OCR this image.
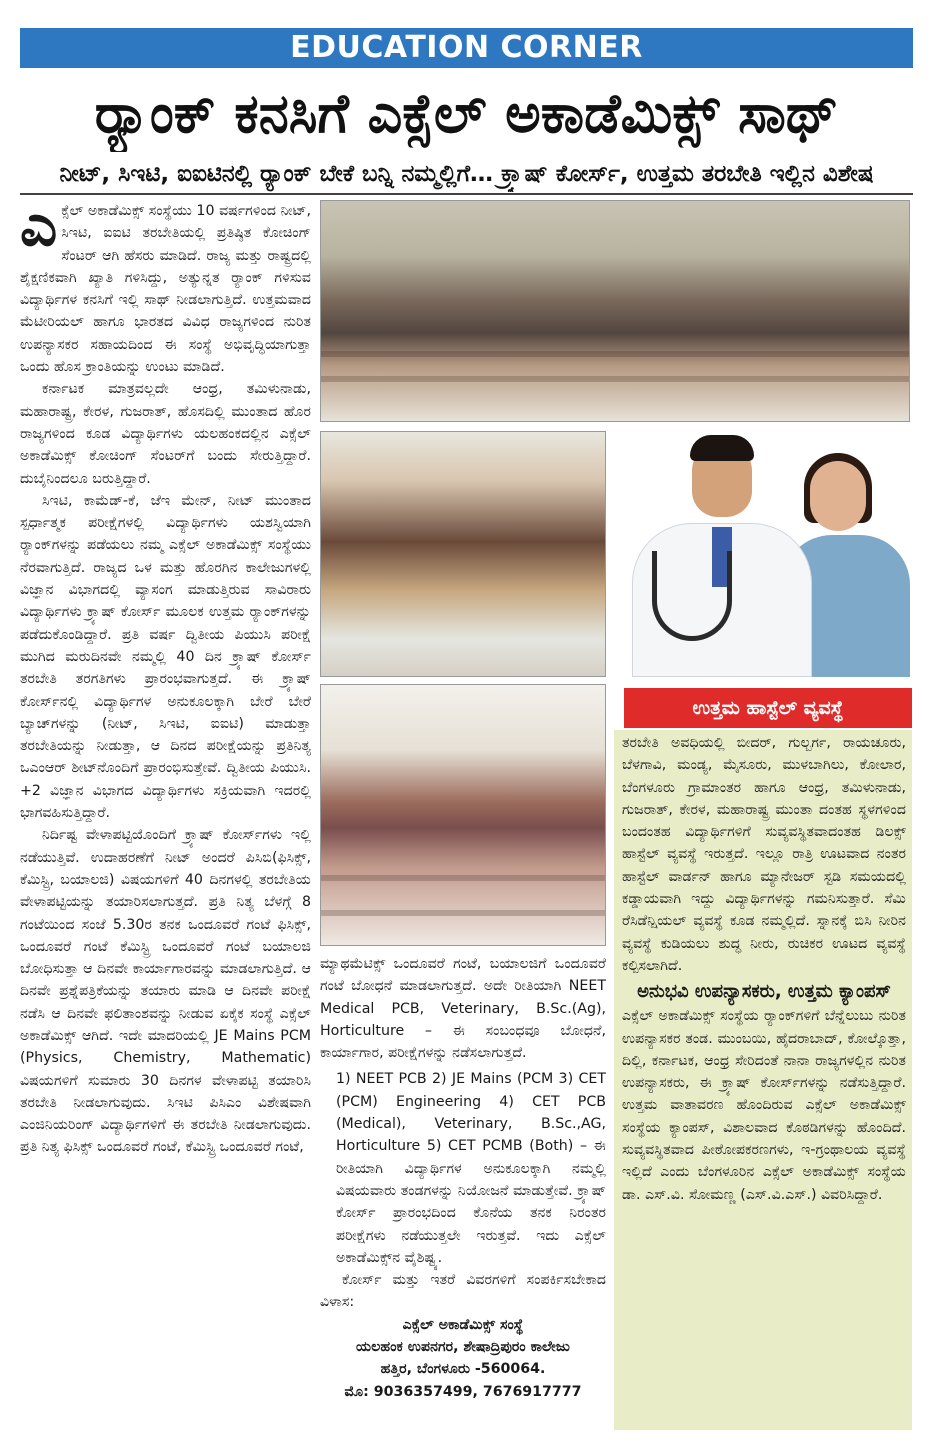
EDUCATION CORNER
ರ್‍ಯಾಂಕ್ ಕನಸಿಗೆ ಎಕ್ಸೆಲ್ ಅಕಾಡೆಮಿಕ್ಸ್ ಸಾಥ್
ನೀಟ್, ಸಿಇಟಿ, ಐಐಟಿನಲ್ಲಿ ರ್‍ಯಾಂಕ್ ಬೇಕೆ ಬನ್ನಿ ನಮ್ಮಲ್ಲಿಗೆ… ಕ್ರ್ಯಾಷ್ ಕೋರ್ಸ್, ಉತ್ತಮ ತರಬೇತಿ ಇಲ್ಲಿನ ವಿಶೇಷ

ಎಕ್ಸೆಲ್ ಅಕಾಡೆಮಿಕ್ಸ್ ಸಂಸ್ಥೆಯು 10 ವರ್ಷಗಳಿಂದ ನೀಟ್, ಸಿಇಟಿ, ಐಐಟಿ ತರಬೇತಿಯಲ್ಲಿ ಪ್ರತಿಷ್ಠಿತ ಕೋಚಿಂಗ್ ಸೆಂಟರ್ ಆಗಿ ಹೆಸರು ಮಾಡಿದೆ. ರಾಜ್ಯ ಮತ್ತು ರಾಷ್ಟ್ರದಲ್ಲಿ ಶೈಕ್ಷಣಿಕವಾಗಿ ಖ್ಯಾತಿ ಗಳಿಸಿದ್ದು, ಅತ್ಯುನ್ನತ ರ್‍ಯಾಂಕ್ ಗಳಿಸುವ ವಿದ್ಯಾರ್ಥಿಗಳ ಕನಸಿಗೆ ಇಲ್ಲಿ ಸಾಥ್ ನೀಡಲಾಗುತ್ತಿದೆ. ಉತ್ತಮವಾದ ಮೆಟೀರಿಯಲ್ ಹಾಗೂ ಭಾರತದ ವಿವಿಧ ರಾಜ್ಯಗಳಿಂದ ನುರಿತ ಉಪನ್ಯಾಸಕರ ಸಹಾಯದಿಂದ ಈ ಸಂಸ್ಥೆ ಅಭಿವೃದ್ಧಿಯಾಗುತ್ತಾ ಒಂದು ಹೊಸ ಕ್ರಾಂತಿಯನ್ನು ಉಂಟು ಮಾಡಿದೆ.

ಕರ್ನಾಟಕ ಮಾತ್ರವಲ್ಲದೇ ಆಂಧ್ರ, ತಮಿಳುನಾಡು, ಮಹಾರಾಷ್ಟ್ರ, ಕೇರಳ, ಗುಜರಾತ್, ಹೊಸದಿಲ್ಲಿ ಮುಂತಾದ ಹೊರ ರಾಜ್ಯಗಳಿಂದ ಕೂಡ ವಿದ್ಯಾರ್ಥಿಗಳು ಯಲಹಂಕದಲ್ಲಿನ ಎಕ್ಸೆಲ್ ಅಕಾಡೆಮಿಕ್ಸ್ ಕೋಚಿಂಗ್ ಸೆಂಟರ್‌ಗೆ ಬಂದು ಸೇರುತ್ತಿದ್ದಾರೆ. ದುಬೈನಿಂದಲೂ ಬರುತ್ತಿದ್ದಾರೆ.

ಸಿಇಟಿ, ಕಾಮೆಡ್-ಕೆ, ಜೆಇ ಮೇನ್, ನೀಟ್ ಮುಂತಾದ ಸ್ಪರ್ಧಾತ್ಮಕ ಪರೀಕ್ಷೆಗಳಲ್ಲಿ ವಿದ್ಯಾರ್ಥಿಗಳು ಯಶಸ್ವಿಯಾಗಿ ರ್‍ಯಾಂಕ್‌ಗಳನ್ನು ಪಡೆಯಲು ನಮ್ಮ ಎಕ್ಸೆಲ್ ಅಕಾಡೆಮಿಕ್ಸ್ ಸಂಸ್ಥೆಯು ನೆರವಾಗುತ್ತಿದೆ. ರಾಜ್ಯದ ಒಳ ಮತ್ತು ಹೊರಗಿನ ಕಾಲೇಜುಗಳಲ್ಲಿ ವಿಜ್ಞಾನ ವಿಭಾಗದಲ್ಲಿ ವ್ಯಾಸಂಗ ಮಾಡುತ್ತಿರುವ ಸಾವಿರಾರು ವಿದ್ಯಾರ್ಥಿಗಳು ಕ್ರ್ಯಾಷ್ ಕೋರ್ಸ್ ಮೂಲಕ ಉತ್ತಮ ರ್‍ಯಾಂಕ್‌ಗಳನ್ನು ಪಡೆದುಕೊಂಡಿದ್ದಾರೆ. ಪ್ರತಿ ವರ್ಷ ದ್ವಿತೀಯ ಪಿಯುಸಿ ಪರೀಕ್ಷೆ ಮುಗಿದ ಮರುದಿನವೇ ನಮ್ಮಲ್ಲಿ 40 ದಿನ ಕ್ರ್ಯಾಷ್ ಕೋರ್ಸ್ ತರಬೇತಿ ತರಗತಿಗಳು ಪ್ರಾರಂಭವಾಗುತ್ತದೆ. ಈ ಕ್ರ್ಯಾಷ್ ಕೋರ್ಸ್‌ನಲ್ಲಿ ವಿದ್ಯಾರ್ಥಿಗಳ ಅನುಕೂಲಕ್ಕಾಗಿ ಬೇರೆ ಬೇರೆ ಬ್ಯಾಚ್‌ಗಳನ್ನು (ನೀಟ್, ಸಿಇಟಿ, ಐಐಟಿ) ಮಾಡುತ್ತಾ ತರಬೇತಿಯನ್ನು ನೀಡುತ್ತಾ, ಆ ದಿನದ ಪರೀಕ್ಷೆಯನ್ನು ಪ್ರತಿನಿತ್ಯ ಒಎಂಆರ್ ಶೀಟ್‌ನೊಂದಿಗೆ ಪ್ರಾರಂಭಿಸುತ್ತೇವೆ. ದ್ವಿತೀಯ ಪಿಯುಸಿ. +2 ವಿಜ್ಞಾನ ವಿಭಾಗದ ವಿದ್ಯಾರ್ಥಿಗಳು ಸಕ್ರಿಯವಾಗಿ ಇದರಲ್ಲಿ ಭಾಗವಹಿಸುತ್ತಿದ್ದಾರೆ.

ನಿರ್ದಿಷ್ಟ ವೇಳಾಪಟ್ಟಿಯೊಂದಿಗೆ ಕ್ರ್ಯಾಷ್ ಕೋರ್ಸ್‌ಗಳು ಇಲ್ಲಿ ನಡೆಯುತ್ತಿವೆ. ಉದಾಹರಣೆಗೆ ನೀಟ್ ಅಂದರೆ ಪಿಸಿಬಿ(ಫಿಸಿಕ್ಸ್, ಕೆಮಿಸ್ಟ್ರಿ, ಬಯಾಲಜಿ) ವಿಷಯಗಳಿಗೆ 40 ದಿನಗಳಲ್ಲಿ ತರಬೇತಿಯ ವೇಳಾಪಟ್ಟಿಯನ್ನು ತಯಾರಿಸಲಾಗುತ್ತದೆ. ಪ್ರತಿ ನಿತ್ಯ ಬೆಳಗ್ಗೆ 8 ಗಂಟೆಯಿಂದ ಸಂಜೆ 5.30ರ ತನಕ ಒಂದೂವರೆ ಗಂಟೆ ಫಿಸಿಕ್ಸ್, ಒಂದೂವರೆ ಗಂಟೆ ಕೆಮಿಸ್ಟ್ರಿ ಒಂದೂವರೆ ಗಂಟೆ ಬಯಾಲಜಿ ಬೋಧಿಸುತ್ತಾ ಆ ದಿನವೇ ಕಾರ್ಯಾಗಾರವನ್ನು ಮಾಡಲಾಗುತ್ತಿದೆ. ಆ ದಿನವೇ ಪ್ರಶ್ನೆಪತ್ರಿಕೆಯನ್ನು ತಯಾರು ಮಾಡಿ ಆ ದಿನವೇ ಪರೀಕ್ಷೆ ನಡೆಸಿ ಆ ದಿನವೇ ಫಲಿತಾಂಶವನ್ನು ನೀಡುವ ಏಕೈಕ ಸಂಸ್ಥೆ ಎಕ್ಸೆಲ್ ಅಕಾಡೆಮಿಕ್ಸ್ ಆಗಿದೆ. ಇದೇ ಮಾದರಿಯಲ್ಲಿ JE Mains PCM (Physics, Chemistry, Mathematic) ವಿಷಯಗಳಿಗೆ ಸುಮಾರು 30 ದಿನಗಳ ವೇಳಾಪಟ್ಟಿ ತಯಾರಿಸಿ ತರಬೇತಿ ನೀಡಲಾಗುವುದು. ಸಿಇಟಿ ಪಿಸಿಎಂ ವಿಶೇಷವಾಗಿ ಎಂಜಿನಿಯರಿಂಗ್ ವಿದ್ಯಾರ್ಥಿಗಳಿಗೆ ಈ ತರಬೇತಿ ನೀಡಲಾಗುವುದು. ಪ್ರತಿ ನಿತ್ಯ ಫಿಸಿಕ್ಸ್ ಒಂದೂವರೆ ಗಂಟೆ, ಕೆಮಿಸ್ಟ್ರಿ ಒಂದೂವರೆ ಗಂಟೆ,

ಉತ್ತಮ ಹಾಸ್ಟೆಲ್ ವ್ಯವಸ್ಥೆ

ಮ್ಯಾಥಮೆಟಿಕ್ಸ್ ಒಂದೂವರೆ ಗಂಟೆ, ಬಯಾಲಜಿಗೆ ಒಂದೂವರೆ ಗಂಟೆ ಬೋಧನೆ ಮಾಡಲಾಗುತ್ತದೆ. ಅದೇ ರೀತಿಯಾಗಿ NEET Medical PCB, Veterinary, B.Sc.(Ag), Horticulture – ಈ ಸಂಬಂಧವೂ ಬೋಧನೆ, ಕಾರ್ಯಾಗಾರ, ಪರೀಕ್ಷೆಗಳನ್ನು ನಡೆಸಲಾಗುತ್ತದೆ.

1) NEET PCB 2) JE Mains (PCM 3) CET (PCM) Engineering 4) CET PCB (Medical), Veterinary, B.Sc.,AG, Horticulture 5) CET PCMB (Both) – ಈ ರೀತಿಯಾಗಿ ವಿದ್ಯಾರ್ಥಿಗಳ ಅನುಕೂಲಕ್ಕಾಗಿ ನಮ್ಮಲ್ಲಿ ವಿಷಯವಾರು ತಂಡಗಳನ್ನು ನಿಯೋಜನೆ ಮಾಡುತ್ತೇವೆ. ಕ್ರ್ಯಾಷ್ ಕೋರ್ಸ್ ಪ್ರಾರಂಭದಿಂದ ಕೊನೆಯ ತನಕ ನಿರಂತರ ಪರೀಕ್ಷೆಗಳು ನಡೆಯುತ್ತಲೇ ಇರುತ್ತವೆ. ಇದು ಎಕ್ಸೆಲ್ ಅಕಾಡೆಮಿಕ್ಸ್‌ನ ವೈಶಿಷ್ಟ್ಯ.

ಕೋರ್ಸ್ ಮತ್ತು ಇತರೆ ವಿವರಗಳಿಗೆ ಸಂಪರ್ಕಿಸಬೇಕಾದ ವಿಳಾಸ:

ಎಕ್ಸೆಲ್ ಅಕಾಡೆಮಿಕ್ಸ್ ಸಂಸ್ಥೆ
ಯಲಹಂಕ ಉಪನಗರ, ಶೇಷಾದ್ರಿಪುರಂ ಕಾಲೇಜು
ಹತ್ತಿರ, ಬೆಂಗಳೂರು -560064.
ಮೊ: 9036357499, 7676917777

ತರಬೇತಿ ಅವಧಿಯಲ್ಲಿ ಬೀದರ್, ಗುಲ್ಬರ್ಗ, ರಾಯಚೂರು, ಬೆಳಗಾವಿ, ಮಂಡ್ಯ, ಮೈಸೂರು, ಮುಳಬಾಗಿಲು, ಕೋಲಾರ, ಬೆಂಗಳೂರು ಗ್ರಾಮಾಂತರ ಹಾಗೂ ಆಂಧ್ರ, ತಮಿಳುನಾಡು, ಗುಜರಾತ್, ಕೇರಳ, ಮಹಾರಾಷ್ಟ್ರ ಮುಂತಾ ದಂತಹ ಸ್ಥಳಗಳಿಂದ ಬಂದಂತಹ ವಿದ್ಯಾರ್ಥಿಗಳಿಗೆ ಸುವ್ಯವಸ್ಥಿತವಾದಂತಹ ಡಿಲಕ್ಸ್ ಹಾಸ್ಟೆಲ್ ವ್ಯವಸ್ಥೆ ಇರುತ್ತದೆ. ಇಲ್ಲೂ ರಾತ್ರಿ ಊಟವಾದ ನಂತರ ಹಾಸ್ಟೆಲ್ ವಾರ್ಡನ್ ಹಾಗೂ ಮ್ಯಾನೇಜರ್ ಸ್ಟಡಿ ಸಮಯದಲ್ಲಿ ಕಡ್ಡಾಯವಾಗಿ ಇದ್ದು ವಿದ್ಯಾರ್ಥಿಗಳನ್ನು ಗಮನಿಸುತ್ತಾರೆ. ಸೆಮಿ ರೆಸಿಡೆನ್ಷಿಯಲ್ ವ್ಯವಸ್ಥೆ ಕೂಡ ನಮ್ಮಲ್ಲಿದೆ. ಸ್ನಾನಕ್ಕೆ ಬಿಸಿ ನೀರಿನ ವ್ಯವಸ್ಥೆ ಕುಡಿಯಲು ಶುದ್ಧ ನೀರು, ರುಚಿಕರ ಊಟದ ವ್ಯವಸ್ಥೆ ಕಲ್ಪಿಸಲಾಗಿದೆ.

ಅನುಭವಿ ಉಪನ್ಯಾಸಕರು, ಉತ್ತಮ ಕ್ಯಾಂಪಸ್

ಎಕ್ಸೆಲ್ ಅಕಾಡೆಮಿಕ್ಸ್ ಸಂಸ್ಥೆಯ ರ್‍ಯಾಂಕ್‌ಗಳಿಗೆ ಬೆನ್ನೆಲುಬು ನುರಿತ ಉಪನ್ಯಾಸಕರ ತಂಡ. ಮುಂಬಯಿ, ಹೈದರಾಬಾದ್, ಕೋಲ್ಕೊತ್ತಾ, ದಿಲ್ಲಿ, ಕರ್ನಾಟಕ, ಆಂಧ್ರ ಸೇರಿದಂತೆ ನಾನಾ ರಾಜ್ಯಗಳಲ್ಲಿನ ನುರಿತ ಉಪನ್ಯಾಸಕರು, ಈ ಕ್ರ್ಯಾಷ್ ಕೋರ್ಸ್‌ಗಳನ್ನು ನಡೆಸುತ್ತಿದ್ದಾರೆ. ಉತ್ತಮ ವಾತಾವರಣ ಹೊಂದಿರುವ ಎಕ್ಸೆಲ್ ಅಕಾಡೆಮಿಕ್ಸ್ ಸಂಸ್ಥೆಯ ಕ್ಯಾಂಪಸ್, ವಿಶಾಲವಾದ ಕೊಠಡಿಗಳನ್ನು ಹೊಂದಿದೆ. ಸುವ್ಯವಸ್ಥಿತವಾದ ಪೀಠೋಪಕರಣಗಳು, ಇ-ಗ್ರಂಥಾಲಯ ವ್ಯವಸ್ಥೆ ಇಲ್ಲಿದೆ ಎಂದು ಬೆಂಗಳೂರಿನ ಎಕ್ಸೆಲ್ ಅಕಾಡೆಮಿಕ್ಸ್ ಸಂಸ್ಥೆಯ ಡಾ. ಎಸ್.ವಿ. ಸೋಮಣ್ಣ (ಎಸ್.ವಿ.ಎಸ್.) ವಿವರಿಸಿದ್ದಾರೆ.
